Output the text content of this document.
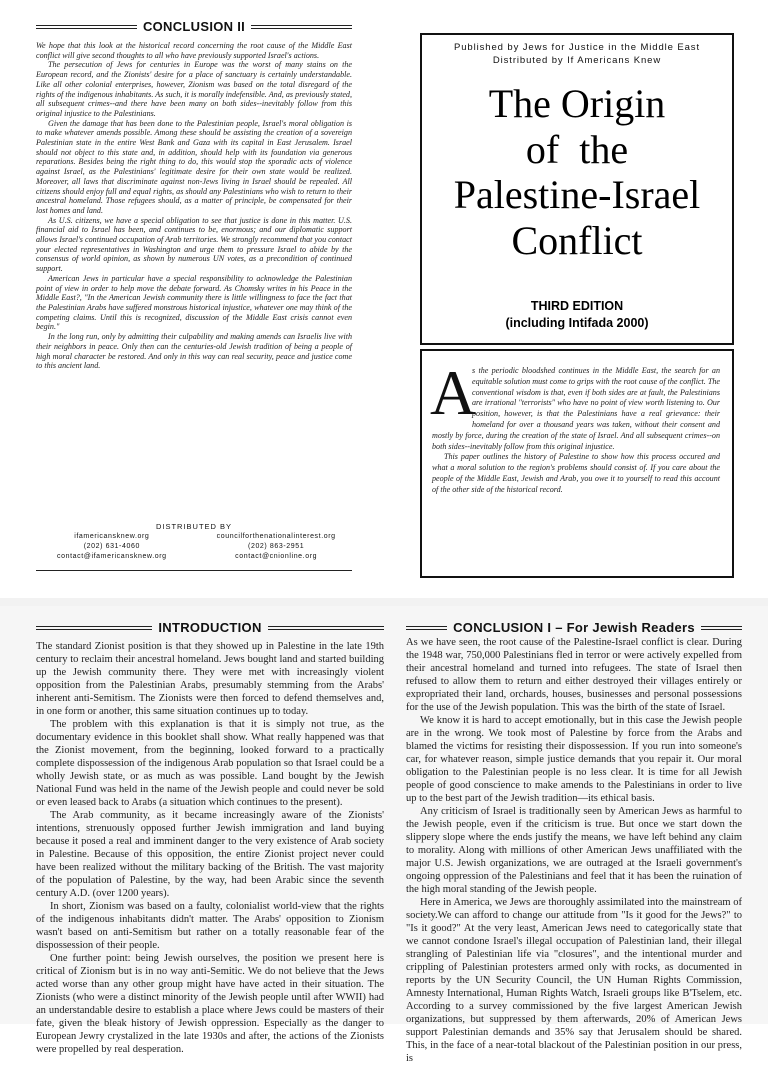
CONCLUSION II

We hope that this look at the historical record concerning the root cause of the Middle East conflict will give second thoughts to all who have previously supported Israel's actions.

The persecution of Jews for centuries in Europe was the worst of many stains on the European record, and the Zionists' desire for a place of sanctuary is certainly understandable. Like all other colonial enterprises, however, Zionism was based on the total disregard of the rights of the indigenous inhabitants. As such, it is morally indefensible. And, as previously stated, all subsequent crimes--and there have been many on both sides--inevitably follow from this original injustice to the Palestinians.

Given the damage that has been done to the Palestinian people, Israel's moral obligation is to make whatever amends possible. Among these should be assisting the creation of a sovereign Palestinian state in the entire West Bank and Gaza with its capital in East Jerusalem. Israel should not object to this state and, in addition, should help with its foundation via generous reparations. Besides being the right thing to do, this would stop the sporadic acts of violence against Israel, as the Palestinians' legitimate desire for their own state would be realized. Moreover, all laws that discriminate against non-Jews living in Israel should be repealed. All citizens should enjoy full and equal rights, as should any Palestinians who wish to return to their ancestral homeland. Those refugees should, as a matter of principle, be compensated for their lost homes and land.

As U.S. citizens, we have a special obligation to see that justice is done in this matter. U.S. financial aid to Israel has been, and continues to be, enormous; and our diplomatic support allows Israel's continued occupation of Arab territories. We strongly recommend that you contact your elected representatives in Washington and urge them to pressure Israel to abide by the consensus of world opinion, as shown by numerous UN votes, as a precondition of continued support.

American Jews in particular have a special responsibility to acknowledge the Palestinian point of view in order to help move the debate forward. As Chomsky writes in his Peace in the Middle East?, "In the American Jewish community there is little willingness to face the fact that the Palestinian Arabs have suffered monstrous historical injustice, whatever one may think of the competing claims. Until this is recognized, discussion of the Middle East crisis cannot even begin."

In the long run, only by admitting their culpability and making amends can Israelis live with their neighbors in peace. Only then can the centuries-old Jewish tradition of being a people of high moral character be restored. And only in this way can real security, peace and justice come to this ancient land.

DISTRIBUTED BY
ifamericansknew.org
(202) 631-4060
contact@ifamericansknew.org
councilforthenationalinterest.org
(202) 863-2951
contact@cnionline.org
Published by Jews for Justice in the Middle East
Distributed by If Americans Knew
The Origin
of  the
Palestine-Israel
Conflict
THIRD EDITION
(including Intifada 2000)
A

s the periodic bloodshed continues in the Middle East, the search for an equitable solution must come to grips with the root cause of the conflict. The conventional wisdom is that, even if both sides are at fault, the Palestinians are irrational "terrorists" who have no point of view worth listening to. Our position, however, is that the Palestinians have a real grievance: their homeland for over a thousand years was taken, without their consent and mostly by force, during the creation of the state of Israel. And all subsequent crimes--on both sides--inevitably follow from this original injustice.

This paper outlines the history of Palestine to show how this process occured and what a moral solution to the region's problems should consist of. If you care about the people of the Middle East, Jewish and Arab, you owe it to yourself to read this account of the other side of the historical record.

INTRODUCTION

The standard Zionist position is that they showed up in Palestine in the late 19th century to reclaim their ancestral homeland. Jews bought land and started building up the Jewish community there. They were met with increasingly violent opposition from the Palestinian Arabs, presumably stemming from the Arabs' inherent anti-Semitism. The Zionists were then forced to defend themselves and, in one form or another, this same situation continues up to today.

The problem with this explanation is that it is simply not true, as the documentary evidence in this booklet shall show. What really happened was that the Zionist movement, from the beginning, looked forward to a practically complete dispossession of the indigenous Arab population so that Israel could be a wholly Jewish state, or as much as was possible. Land bought by the Jewish National Fund was held in the name of the Jewish people and could never be sold or even leased back to Arabs (a situation which continues to the present).

The Arab community, as it became increasingly aware of the Zionists' intentions, strenuously opposed further Jewish immigration and land buying because it posed a real and imminent danger to the very existence of Arab society in Palestine. Because of this opposition, the entire Zionist project never could have been realized without the military backing of the British. The vast majority of the population of Palestine, by the way, had been Arabic since the seventh century A.D. (over 1200 years).

In short, Zionism was based on a faulty, colonialist world-view that the rights of the indigenous inhabitants didn't matter. The Arabs' opposition to Zionism wasn't based on anti-Semitism but rather on a totally reasonable fear of the dispossession of their people.

One further point: being Jewish ourselves, the position we present here is critical of Zionism but is in no way anti-Semitic. We do not believe that the Jews acted worse than any other group might have have acted in their situation. The Zionists (who were a distinct minority of the Jewish people until after WWII) had an understandable desire to establish a place where Jews could be masters of their fate, given the bleak history of Jewish oppression. Especially as the danger to European Jewry crystalized in the late 1930s and after, the actions of the Zionists were propelled by real desperation.

CONCLUSION I – For Jewish Readers

As we have seen, the root cause of the Palestine-Israel conflict is clear. During the 1948 war, 750,000 Palestinians fled in terror or were actively expelled from their ancestral homeland and turned into refugees. The state of Israel then refused to allow them to return and either destroyed their villages entirely or expropriated their land, orchards, houses, businesses and personal possessions for the use of the Jewish population. This was the birth of the state of Israel.

We know it is hard to accept emotionally, but in this case the Jewish people are in the wrong. We took most of Palestine by force from the Arabs and blamed the victims for resisting their dispossession. If you run into someone's car, for whatever reason, simple justice demands that you repair it. Our moral obligation to the Palestinian people is no less clear. It is time for all Jewish people of good conscience to make amends to the Palestinians in order to live up to the best part of the Jewish tradition—its ethical basis.

Any criticism of Israel is traditionally seen by American Jews as harmful to the Jewish people, even if the criticism is true. But once we start down the slippery slope where the ends justify the means, we have left behind any claim to morality. Along with millions of other American Jews unaffiliated with the major U.S. Jewish organizations, we are outraged at the Israeli government's ongoing oppression of the Palestinians and feel that it has been the ruination of the high moral standing of the Jewish people.

Here in America, we Jews are thoroughly assimilated into the mainstream of society.We can afford to change our attitude from "Is it good for the Jews?" to "Is it good?" At the very least, American Jews need to categorically state that we cannot condone Israel's illegal occupation of Palestinian land, their illegal strangling of Palestinian life via "closures", and the intentional murder and crippling of Palestinian protesters armed only with rocks, as documented in reports by the UN Security Council, the UN Human Rights Commission, Amnesty International, Human Rights Watch, Israeli groups like B'Tselem, etc. According to a survey commissioned by the five largest American Jewish organizations, but suppressed by them afterwards, 20% of American Jews support Palestinian demands and 35% say that Jerusalem should be shared. This, in the face of a near-total blackout of the Palestinian position in our press, is
